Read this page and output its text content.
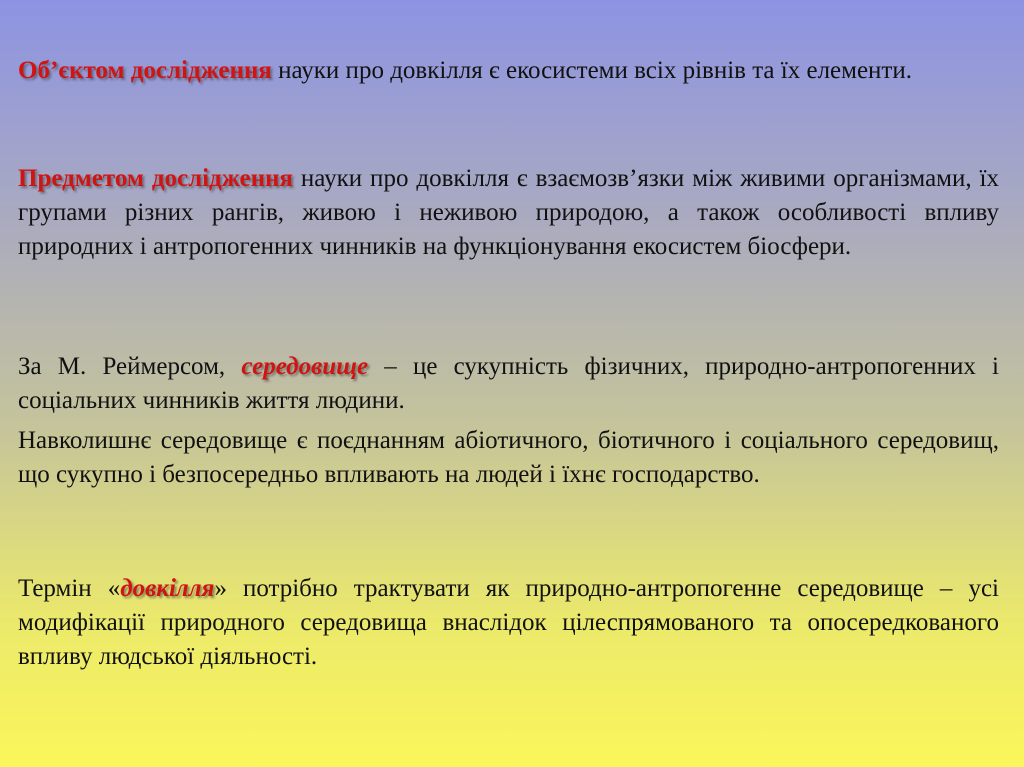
Об’єктом дослідження науки про довкілля є екосистеми всіх рівнів та їх елементи.

Предметом дослідження науки про довкілля є взаємозв’язки між живими організмами, їх групами різних рангів, живою і неживою природою, а також особливості впливу природних і антропогенних чинників на функціонування екосистем біосфери.

За М. Реймерсом, середовище – це сукупність фізичних, природно-антропогенних і соціальних чинників життя людини.

Навколишнє середовище є поєднанням абіотичного, біотичного і соціального середовищ, що сукупно і безпосередньо впливають на людей і їхнє господарство.

Термін «довкілля» потрібно трактувати як природно-антропогенне середовище – усі модифікації природного середовища внаслідок цілеспрямованого та опосередкованого впливу людської діяльності.
